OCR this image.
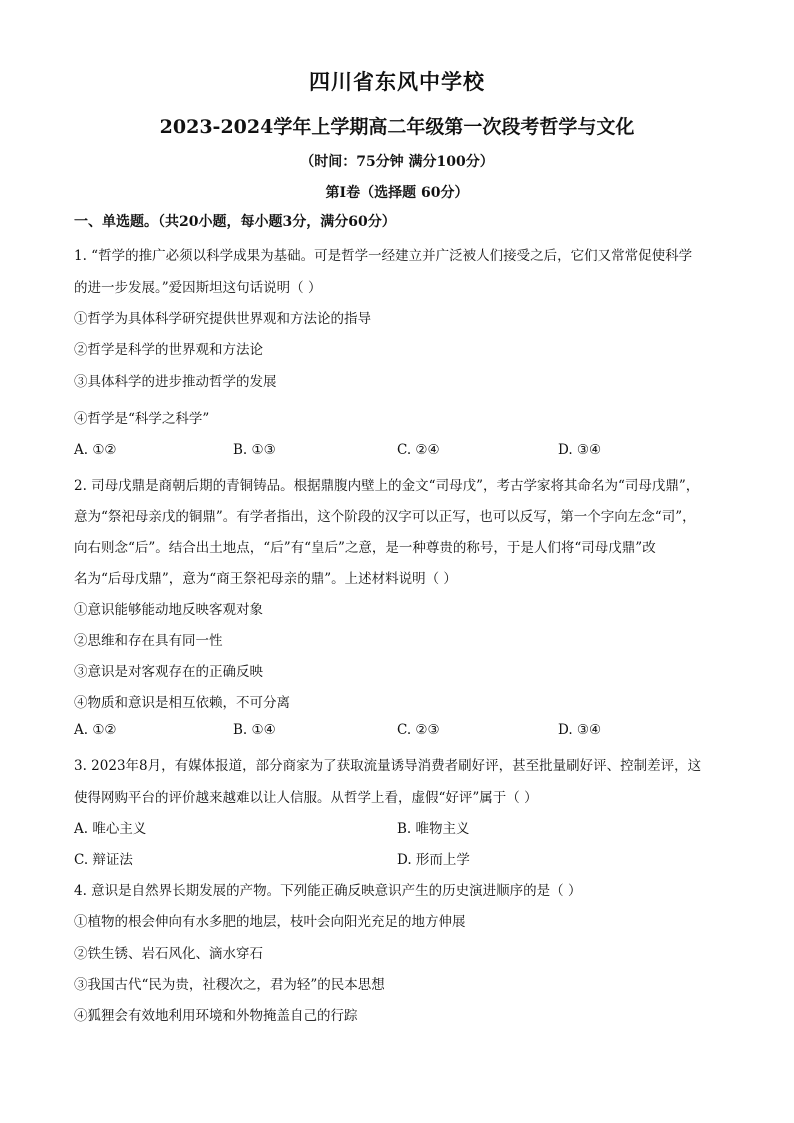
四川省东风中学校
2023-2024学年上学期高二年级第一次段考哲学与文化
（时间：75分钟 满分100分）
第Ⅰ卷（选择题 60分）
一、单选题。（共20小题，每小题3分，满分60分）
1. “哲学的推广必须以科学成果为基础。可是哲学一经建立并广泛被人们接受之后，它们又常常促使科学
的进一步发展。”爱因斯坦这句话说明（ ）
①哲学为具体科学研究提供世界观和方法论的指导
②哲学是科学的世界观和方法论
③具体科学的进步推动哲学的发展
④哲学是“科学之科学”
A. ①②	B. ①③	C. ②④	D. ③④
2. 司母戊鼎是商朝后期的青铜铸品。根据鼎腹内壁上的金文“司母戊”，考古学家将其命名为“司母戊鼎”，
意为“祭祀母亲戊的铜鼎”。有学者指出，这个阶段的汉字可以正写，也可以反写，第一个字向左念“司”，
向右则念“后”。结合出土地点，“后”有“皇后”之意，是一种尊贵的称号，于是人们将“司母戊鼎”改
名为“后母戊鼎”，意为“商王祭祀母亲的鼎”。上述材料说明（ ）
①意识能够能动地反映客观对象
②思维和存在具有同一性
③意识是对客观存在的正确反映
④物质和意识是相互依赖，不可分离
A. ①②	B. ①④	C. ②③	D. ③④
3. 2023年8月，有媒体报道，部分商家为了获取流量诱导消费者刷好评，甚至批量刷好评、控制差评，这
使得网购平台的评价越来越难以让人信服。从哲学上看，虚假“好评”属于（ ）
A. 唯心主义	B. 唯物主义
C. 辩证法	D. 形而上学
4. 意识是自然界长期发展的产物。下列能正确反映意识产生的历史演进顺序的是（ ）
①植物的根会伸向有水多肥的地层，枝叶会向阳光充足的地方伸展
②铁生锈、岩石风化、滴水穿石
③我国古代“民为贵，社稷次之，君为轻”的民本思想
④狐狸会有效地利用环境和外物掩盖自己的行踪
